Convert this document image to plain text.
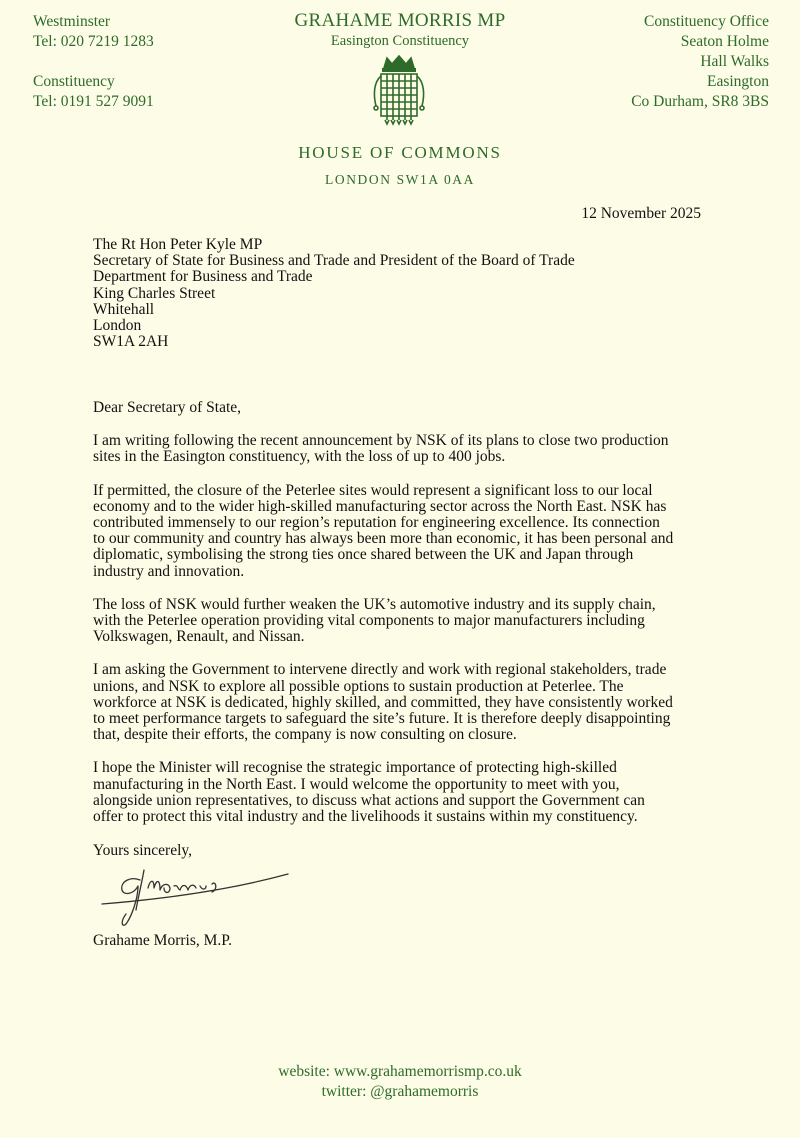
Westminster
Tel: 020 7219 1283
Constituency
Tel: 0191 527 9091
GRAHAME MORRIS MP
Easington Constituency
Constituency Office
Seaton Holme
Hall Walks
Easington
Co Durham, SR8 3BS
HOUSE OF COMMONS
LONDON SW1A 0AA
12 November 2025
The Rt Hon Peter Kyle MP
Secretary of State for Business and Trade and President of the Board of Trade
Department for Business and Trade
King Charles Street
Whitehall
London
SW1A 2AH

Dear Secretary of State,

I am writing following the recent announcement by NSK of its plans to close two production
sites in the Easington constituency, with the loss of up to 400 jobs.

If permitted, the closure of the Peterlee sites would represent a significant loss to our local
economy and to the wider high-skilled manufacturing sector across the North East. NSK has
contributed immensely to our region’s reputation for engineering excellence. Its connection
to our community and country has always been more than economic, it has been personal and
diplomatic, symbolising the strong ties once shared between the UK and Japan through
industry and innovation.

The loss of NSK would further weaken the UK’s automotive industry and its supply chain,
with the Peterlee operation providing vital components to major manufacturers including
Volkswagen, Renault, and Nissan.

I am asking the Government to intervene directly and work with regional stakeholders, trade
unions, and NSK to explore all possible options to sustain production at Peterlee. The
workforce at NSK is dedicated, highly skilled, and committed, they have consistently worked
to meet performance targets to safeguard the site’s future. It is therefore deeply disappointing
that, despite their efforts, the company is now consulting on closure.

I hope the Minister will recognise the strategic importance of protecting high-skilled
manufacturing in the North East. I would welcome the opportunity to meet with you,
alongside union representatives, to discuss what actions and support the Government can
offer to protect this vital industry and the livelihoods it sustains within my constituency.

Yours sincerely,
Grahame Morris, M.P.
website: www.grahamemorrismp.co.uk
twitter: @grahamemorris
